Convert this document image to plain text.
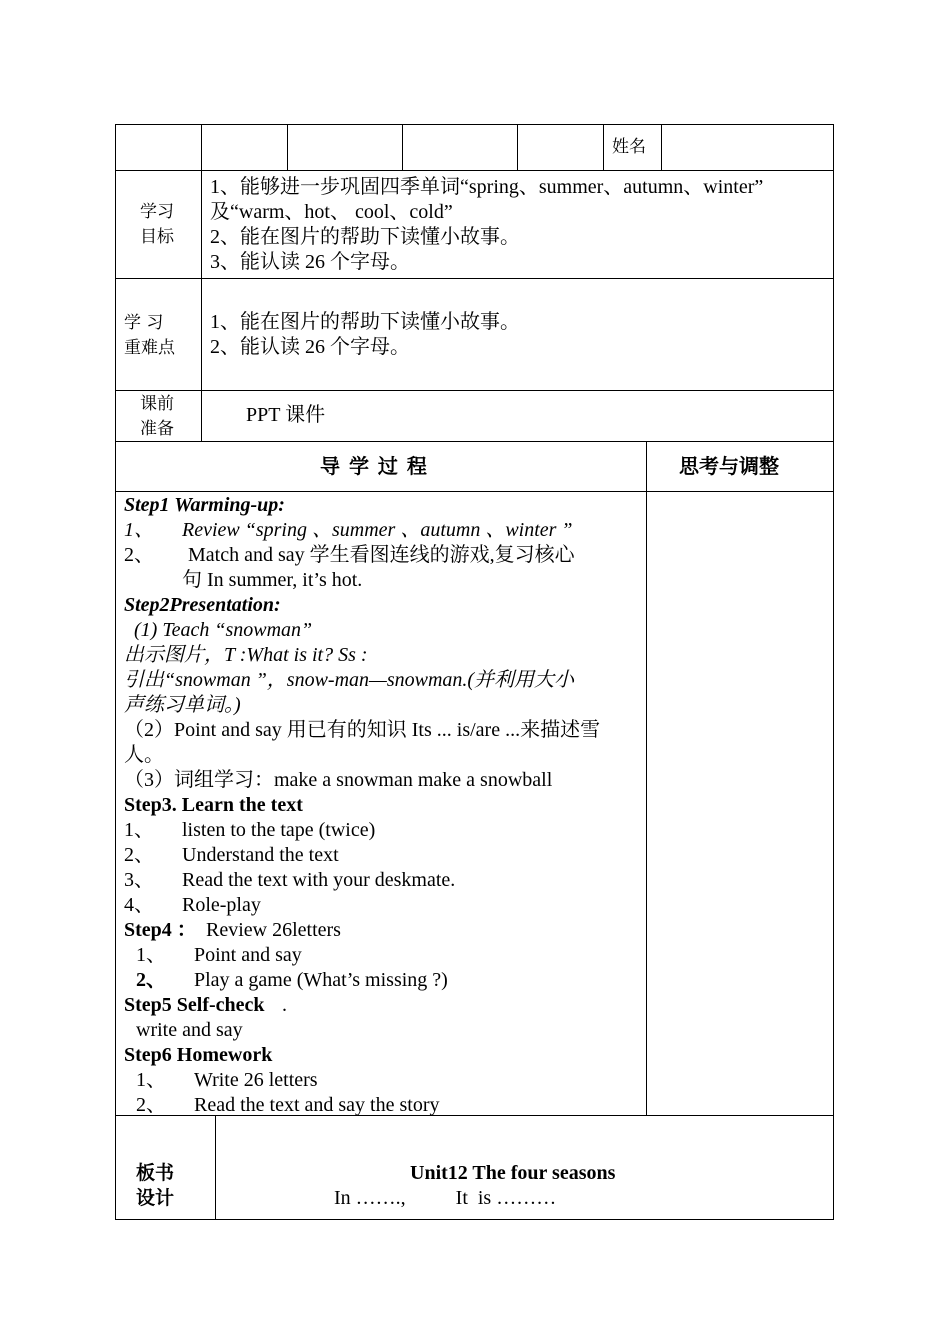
姓名
学习
目标
1、能够进一步巩固四季单词“spring、summer、autumn、winter”
及“warm、hot、 cool、cold”
2、能在图片的帮助下读懂小故事。
3、能认读 26 个字母。
学 习
重难点
1、能在图片的帮助下读懂小故事。
2、能认读 26 个字母。
课前
准备
PPT 课件
导 学 过 程	思考与调整
Step1 Warming-up:
1、 Review “spring 、summer 、autumn 、winter ”
2、 Match and say 学生看图连线的游戏,复习核心
句 In summer, it’s hot.
Step2Presentation:
(1) Teach “snowman”
出示图片，T :What is it? Ss :
引出“snowman ”，snow-man—snowman.(并利用大小
声练习单词。)
（2）Point and say 用已有的知识 Its ... is/are ...来描述雪
人。
（3）词组学习：make a snowman make a snowball
Step3. Learn the text
1、 listen to the tape (twice)
2、 Understand the text
3、 Read the text with your deskmate.
4、 Role-play
Step4 ： Review 26letters
1、 Point and say
2、 Play a game (What’s missing ?)
Step5 Self-check .
write and say
Step6 Homework
1、 Write 26 letters
2、 Read the text and say the story
板书
设计
Unit12 The four seasons
In …….,          It  is ………
